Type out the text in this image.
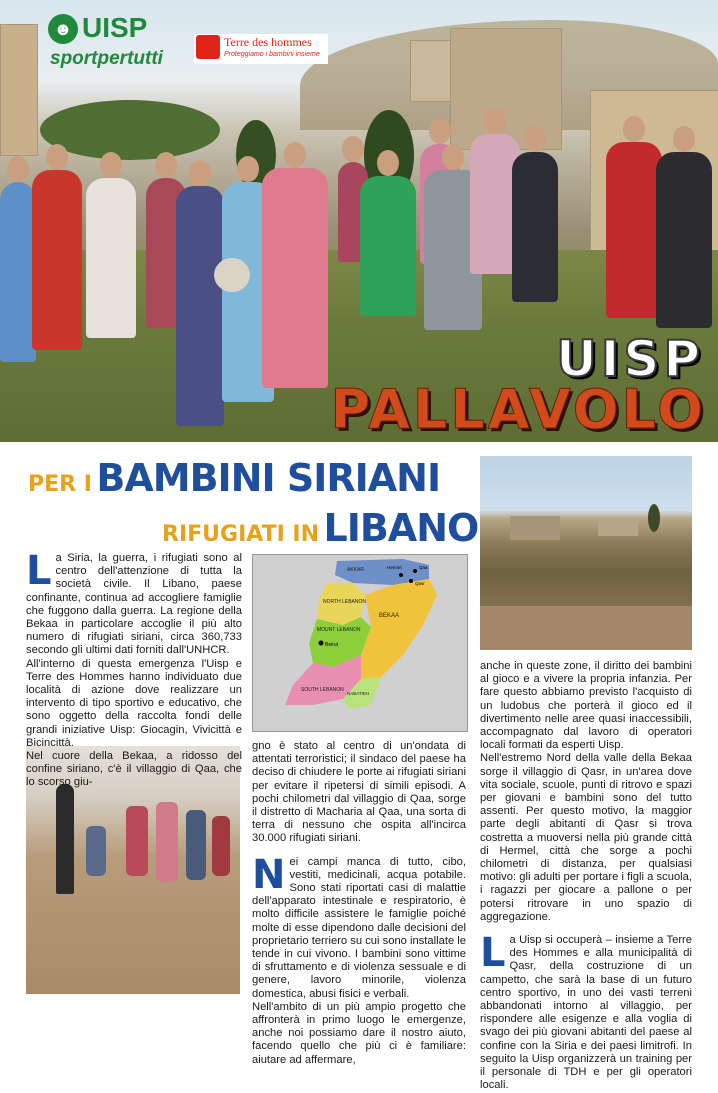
☻ UISP
sportpertutti
Terre des hommes
Proteggiamo i bambini insieme
UISP
PALLAVOLO
PER I BAMBINI SIRIANI
RIFUGIATI IN LIBANO
AKKAR
NORTH LEBANON
MOUNT LEBANON
BEKAA
SOUTH LEBANON
NABATIEH
Beirut
Hermel	Qaa
Qasr

La Siria, la guerra, i rifugiati sono al centro dell'attenzione di tutta la società civile. Il Libano, paese confinante, continua ad accogliere famiglie che fuggono dalla guerra. La regione della Bekaa in particolare accoglie il più alto numero di rifugiati siriani, circa 360,733 secondo gli ultimi dati forniti dall'UNHCR.

All'interno di questa emergenza l'Uisp e Terre des Hommes hanno individuato due località di azione dove realizzare un intervento di tipo sportivo e educativo, che sono oggetto della raccolta fondi delle grandi iniziative Uisp: Giocagin, Vivicittà e Bicincittà.

Nel cuore della Bekaa, a ridosso del confine siriano, c'è il villaggio di Qaa, che lo scorso giu-

gno è stato al centro di un'ondata di attentati terroristici; il sindaco del paese ha deciso di chiudere le porte ai rifugiati siriani per evitare il ripetersi di simili episodi. A pochi chilometri dal villaggio di Qaa, sorge il distretto di Macharia al Qaa, una sorta di terra di nessuno che ospita all'incirca 30.000 rifugiati siriani.

Nei campi manca di tutto, cibo, vestiti, medicinali, acqua potabile. Sono stati riportati casi di malattie dell'apparato intestinale e respiratorio, è molto difficile assistere le famiglie poiché molte di esse dipendono dalle decisioni del proprietario terriero su cui sono installate le tende in cui vivono. I bambini sono vittime di sfruttamento e di violenza sessuale e di genere, lavoro minorile, violenza domestica, abusi fisici e verbali.

Nell'ambito di un più ampio progetto che affronterà in primo luogo le emergenze, anche noi possiamo dare il nostro aiuto, facendo quello che più ci è familiare: aiutare ad affermare,

anche in queste zone, il diritto dei bambini al gioco e a vivere la propria infanzia. Per fare questo abbiamo previsto l'acquisto di un ludobus che porterà il gioco ed il divertimento nelle aree quasi inaccessibili, accompagnato dal lavoro di operatori locali formati da esperti Uisp.

Nell'estremo Nord della valle della Bekaa sorge il villaggio di Qasr, in un'area dove vita sociale, scuole, punti di ritrovo e spazi per giovani e bambini sono del tutto assenti. Per questo motivo, la maggior parte degli abitanti di Qasr si trova costretta a muoversi nella più grande città di Hermel, città che sorge a pochi chilometri di distanza, per qualsiasi motivo: gli adulti per portare i figli a scuola, i ragazzi per giocare a pallone o per potersi ritrovare in uno spazio di aggregazione.

La Uisp si occuperà – insieme a Terre des Hommes e alla municipalità di Qasr, della costruzione di un campetto, che sarà la base di un futuro centro sportivo, in uno dei vasti terreni abbandonati intorno al villaggio, per rispondere alle esigenze e alla voglia di svago dei più giovani abitanti del paese al confine con la Siria e dei paesi limitrofi. In seguito la Uisp organizzerà un training per il personale di TDH e per gli operatori locali.
